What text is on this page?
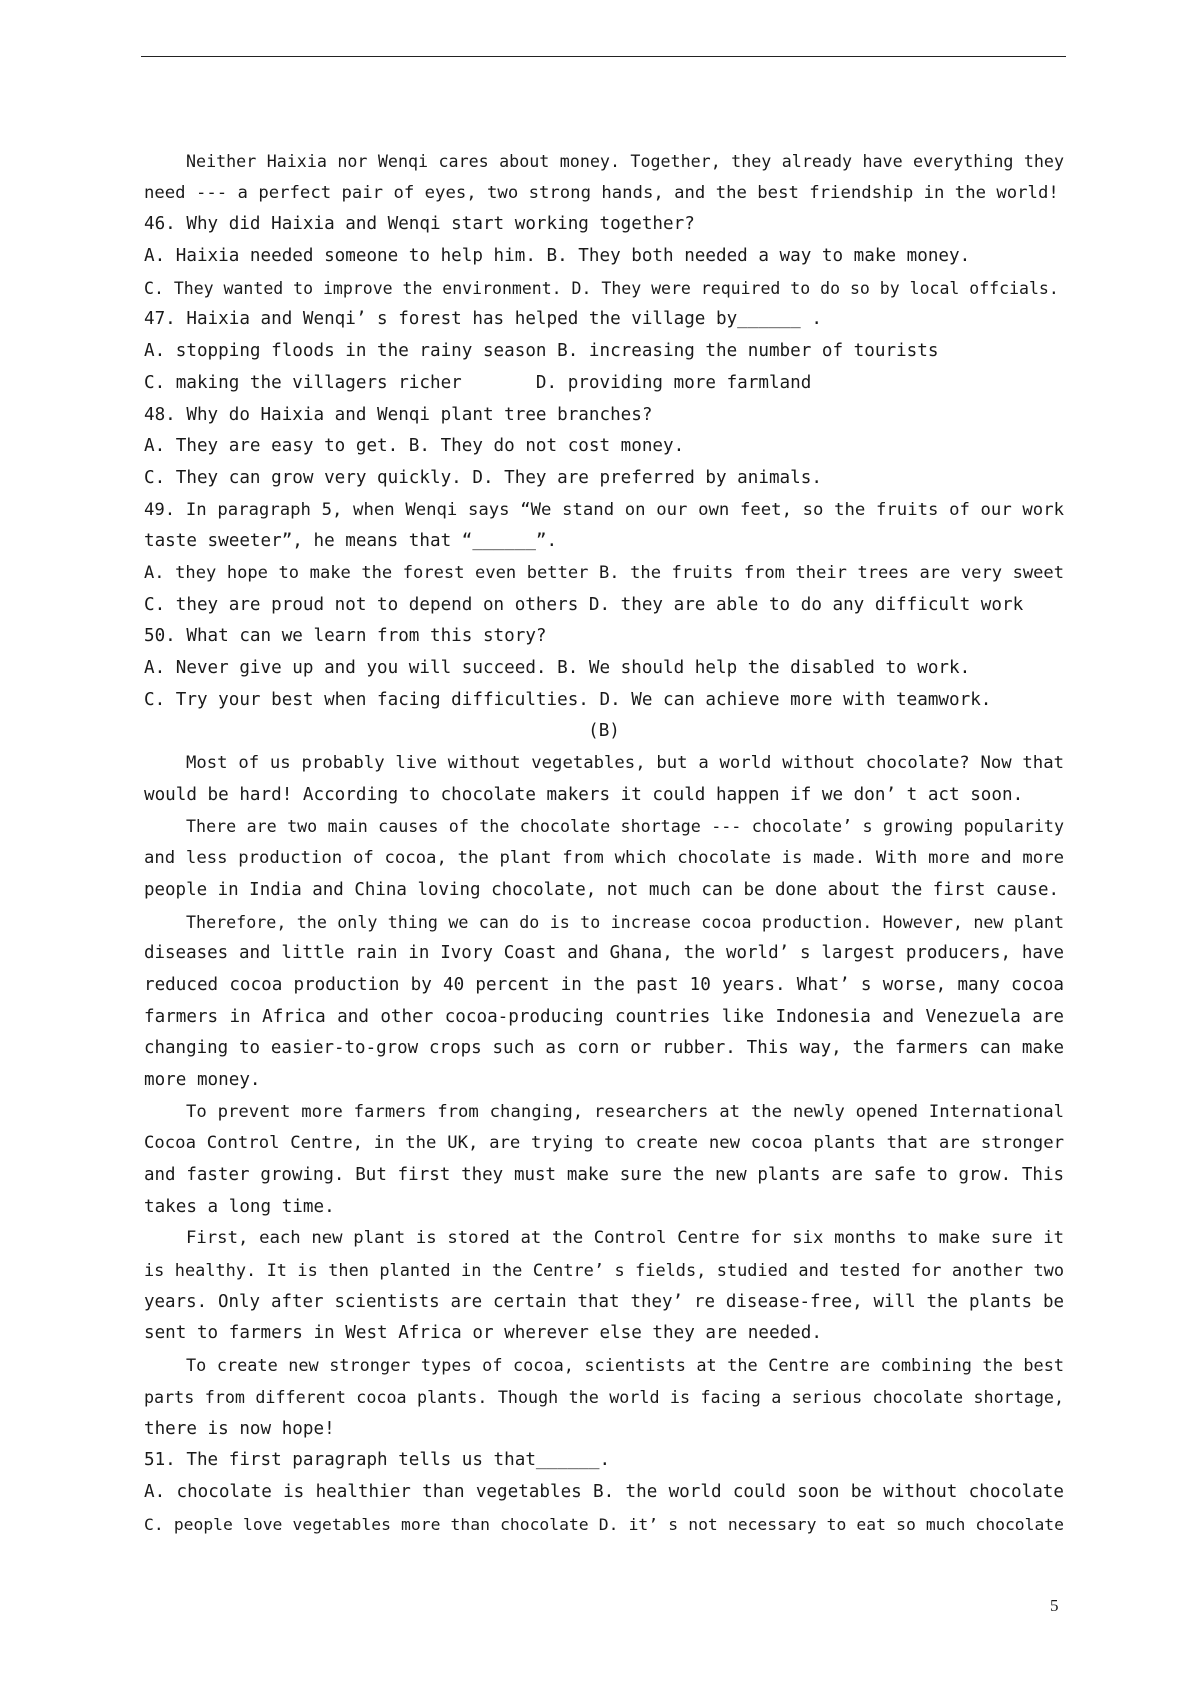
Neither Haixia nor Wenqi cares about money. Together, they already have everything they
need --- a perfect pair of eyes, two strong hands, and the best friendship in the world!
46. Why did Haixia and Wenqi start working together?
A. Haixia needed someone to help him. B. They both needed a way to make money.
C. They wanted to improve the environment. D. They were required to do so by local offcials.
47. Haixia and Wenqi’ s forest has helped the village by______ .
A. stopping floods in the rainy season B. increasing the number of tourists
C. making the villagers richer       D. providing more farmland
48. Why do Haixia and Wenqi plant tree branches?
A. They are easy to get. B. They do not cost money.
C. They can grow very quickly. D. They are preferred by animals.
49. In paragraph 5, when Wenqi says “We stand on our own feet, so the fruits of our work
taste sweeter”, he means that “______”.
A. they hope to make the forest even better B. the fruits from their trees are very sweet
C. they are proud not to depend on others D. they are able to do any difficult work
50. What can we learn from this story?
A. Never give up and you will succeed. B. We should help the disabled to work.
C. Try your best when facing difficulties. D. We can achieve more with teamwork.
(B)
Most of us probably live without vegetables, but a world without chocolate? Now that
would be hard! According to chocolate makers it could happen if we don’ t act soon.
There are two main causes of the chocolate shortage --- chocolate’ s growing popularity
and less production of cocoa, the plant from which chocolate is made. With more and more
people in India and China loving chocolate, not much can be done about the first cause.
Therefore, the only thing we can do is to increase cocoa production. However, new plant
diseases and little rain in Ivory Coast and Ghana, the world’ s largest producers, have
reduced cocoa production by 40 percent in the past 10 years. What’ s worse, many cocoa
farmers in Africa and other cocoa-producing countries like Indonesia and Venezuela are
changing to easier-to-grow crops such as corn or rubber. This way, the farmers can make
more money.
To prevent more farmers from changing, researchers at the newly opened International
Cocoa Control Centre, in the UK, are trying to create new cocoa plants that are stronger
and faster growing. But first they must make sure the new plants are safe to grow. This
takes a long time.
First, each new plant is stored at the Control Centre for six months to make sure it
is healthy. It is then planted in the Centre’ s fields, studied and tested for another two
years. Only after scientists are certain that they’ re disease-free, will the plants be
sent to farmers in West Africa or wherever else they are needed.
To create new stronger types of cocoa, scientists at the Centre are combining the best
parts from different cocoa plants. Though the world is facing a serious chocolate shortage,
there is now hope!
51. The first paragraph tells us that______.
A. chocolate is healthier than vegetables B. the world could soon be without chocolate
C. people love vegetables more than chocolate D. it’ s not necessary to eat so much chocolate
5
